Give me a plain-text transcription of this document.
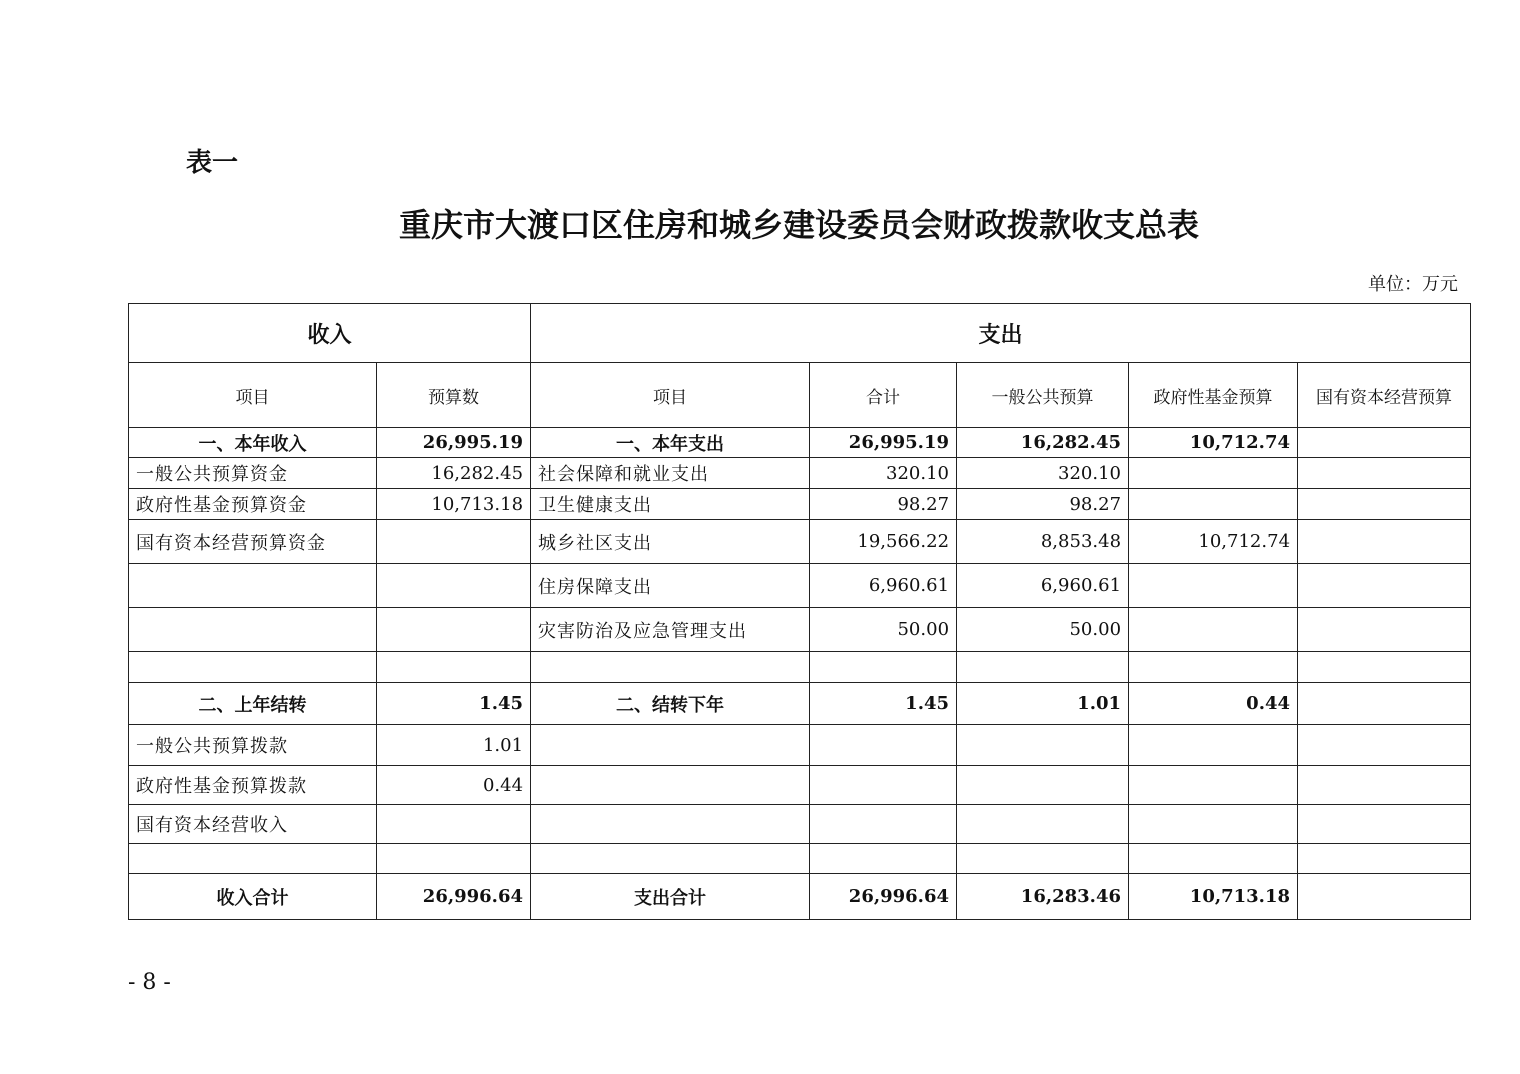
表一
重庆市大渡口区住房和城乡建设委员会财政拨款收支总表
单位：万元
收入		支出				
项目	预算数	项目	合计	一般公共预算	政府性基金预算	国有资本经营预算
一、本年收入	26,995.19	一、本年支出	26,995.19	16,282.45	10,712.74	
一般公共预算资金	16,282.45	社会保障和就业支出	320.10	320.10		
政府性基金预算资金	10,713.18	卫生健康支出	98.27	98.27		
国有资本经营预算资金		城乡社区支出	19,566.22	8,853.48	10,712.74	
		住房保障支出	6,960.61	6,960.61		
		灾害防治及应急管理支出	50.00	50.00		

二、上年结转	1.45	二、结转下年	1.45	1.01	0.44	
一般公共预算拨款	1.01					
政府性基金预算拨款	0.44					
国有资本经营收入						

收入合计	26,996.64	支出合计	26,996.64	16,283.46	10,713.18	
- 8 -
